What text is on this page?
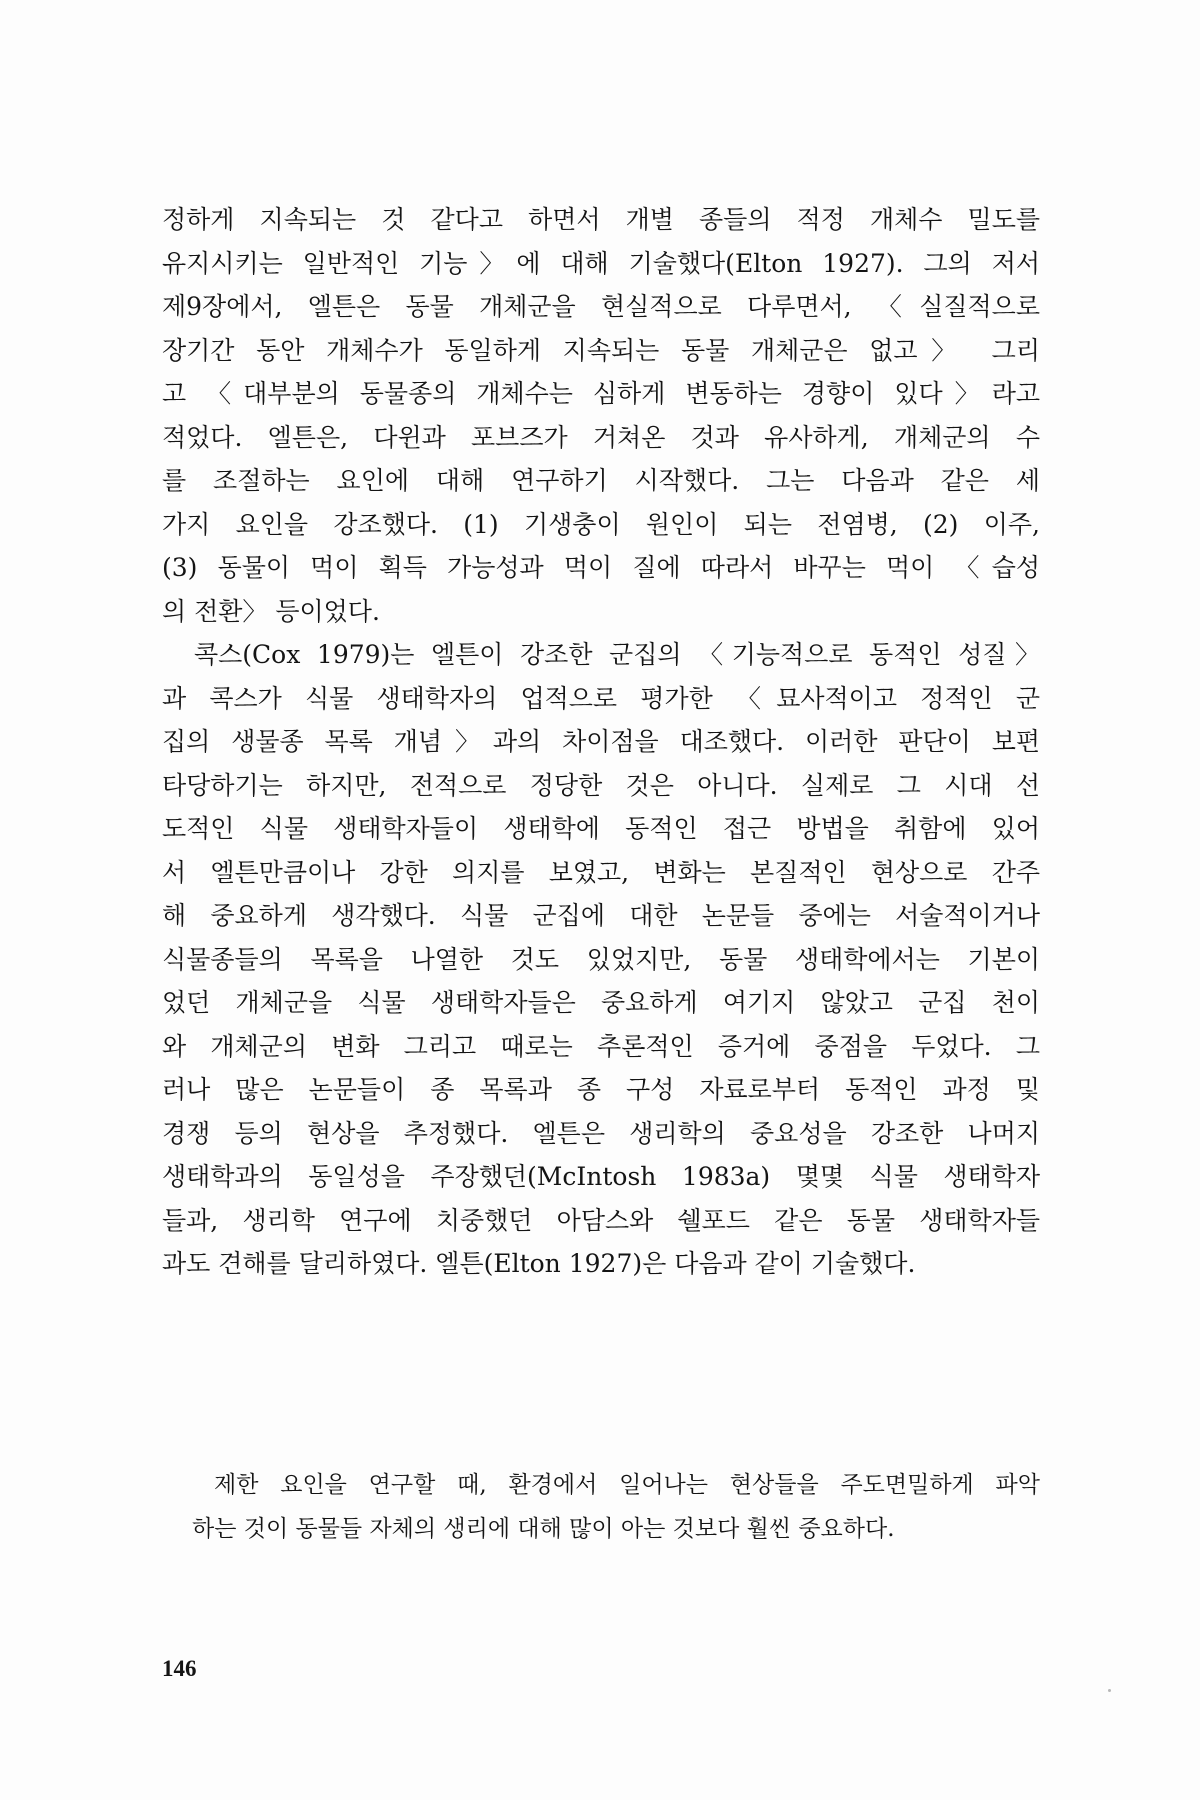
정하게 지속되는 것 같다고 하면서 개별 종들의 적정 개체수 밀도를
유지시키는 일반적인 기능〉에 대해 기술했다(Elton 1927). 그의 저서
제9장에서, 엘튼은 동물 개체군을 현실적으로 다루면서, 〈실질적으로
장기간 동안 개체수가 동일하게 지속되는 동물 개체군은 없고〉 그리
고 〈대부분의 동물종의 개체수는 심하게 변동하는 경향이 있다〉라고
적었다. 엘튼은, 다윈과 포브즈가 거쳐온 것과 유사하게, 개체군의 수
를 조절하는 요인에 대해 연구하기 시작했다. 그는 다음과 같은 세
가지 요인을 강조했다. (1) 기생충이 원인이 되는 전염병, (2) 이주,
(3) 동물이 먹이 획득 가능성과 먹이 질에 따라서 바꾸는 먹이 〈습성
의 전환〉 등이었다.
콕스(Cox 1979)는 엘튼이 강조한 군집의 〈기능적으로 동적인 성질〉
과 콕스가 식물 생태학자의 업적으로 평가한 〈묘사적이고 정적인 군
집의 생물종 목록 개념〉과의 차이점을 대조했다. 이러한 판단이 보편
타당하기는 하지만, 전적으로 정당한 것은 아니다. 실제로 그 시대 선
도적인 식물 생태학자들이 생태학에 동적인 접근 방법을 취함에 있어
서 엘튼만큼이나 강한 의지를 보였고, 변화는 본질적인 현상으로 간주
해 중요하게 생각했다. 식물 군집에 대한 논문들 중에는 서술적이거나
식물종들의 목록을 나열한 것도 있었지만, 동물 생태학에서는 기본이
었던 개체군을 식물 생태학자들은 중요하게 여기지 않았고 군집 천이
와 개체군의 변화 그리고 때로는 추론적인 증거에 중점을 두었다. 그
러나 많은 논문들이 종 목록과 종 구성 자료로부터 동적인 과정 및
경쟁 등의 현상을 추정했다. 엘튼은 생리학의 중요성을 강조한 나머지
생태학과의 동일성을 주장했던(McIntosh 1983a) 몇몇 식물 생태학자
들과, 생리학 연구에 치중했던 아담스와 쉘포드 같은 동물 생태학자들
과도 견해를 달리하였다. 엘튼(Elton 1927)은 다음과 같이 기술했다.
제한 요인을 연구할 때, 환경에서 일어나는 현상들을 주도면밀하게 파악
하는 것이 동물들 자체의 생리에 대해 많이 아는 것보다 훨씬 중요하다.
146
